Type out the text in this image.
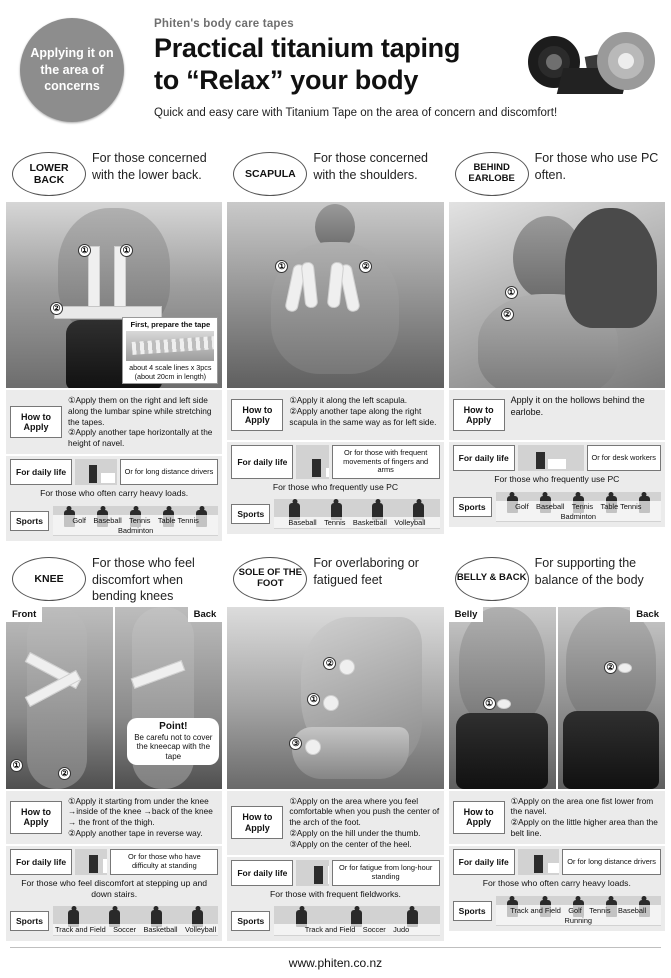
Applying it on the area of concerns
Phiten's body care tapes
Practical titanium taping
to “Relax” your body
Quick and easy care with Titanium Tape on the area of concern and discomfort!
LOWER BACK
For those concerned with the lower back.
①	①
②
First, prepare the tape
about 4 scale lines x 3pcs
(about 20cm in length)
How to Apply
①Apply them on the right and left side along the lumbar spine while stretching the tapes.
②Apply another tape horizontally at the height of navel.
For daily life	Or for long distance drivers
For those who often carry heavy loads.
Sports	Golf　Baseball　Tennis　Table Tennis　Badminton
SCAPULA
For those concerned with the shoulders.
①	②
How to Apply
①Apply it along the left scapula.
②Apply another tape along the right scapula in the same way as for left side.
For daily life
Or for those with frequent movements of fingers and arms
For those who frequently use PC
Sports
Baseball　Tennis　Basketball　Volleyball
BEHIND EARLOBE
For those who use PC often.
①
②
How to Apply
Apply it on the hollows behind the earlobe.
For daily life	Or for desk workers
For those who frequently use PC
Sports	Golf　Baseball　Tennis　Table Tennis　Badminton
KNEE
For those who feel discomfort when bending knees
Front
①
②
Back
Point!
Be carefu not to cover the kneecap with the tape
How to Apply
①Apply it starting from under the knee →inside of the knee →back of the knee → the front of the thigh.
②Apply another tape in reverse way.
For daily life
Or for those who have difficulty at standing
For those who feel discomfort at stepping up and down stairs.
Sports
Track and Field　Soccer　Basketball　Volleyball
SOLE OF THE FOOT
For overlaboring or fatigued feet
②
①
③
How to Apply
①Apply on the area where you feel comfortable when you push the center of the arch of the foot.
②Apply on the hill under the thumb.
③Apply on the center of the heel.
For daily life
Or for fatigue from long-hour standing
For those with frequent fieldworks.
Sports
Track and Field　Soccer　Judo
BELLY & BACK
For supporting the balance of the body
Belly
①
Back
②
How to Apply
①Apply on the area one fist lower from the navel.
②Apply on the little higher area than the belt line.
For daily life	Or for long distance drivers
For those who often carry heavy loads.
Sports	Track and Field　Golf　Tennis　Baseball　Running
www.phiten.co.nz
